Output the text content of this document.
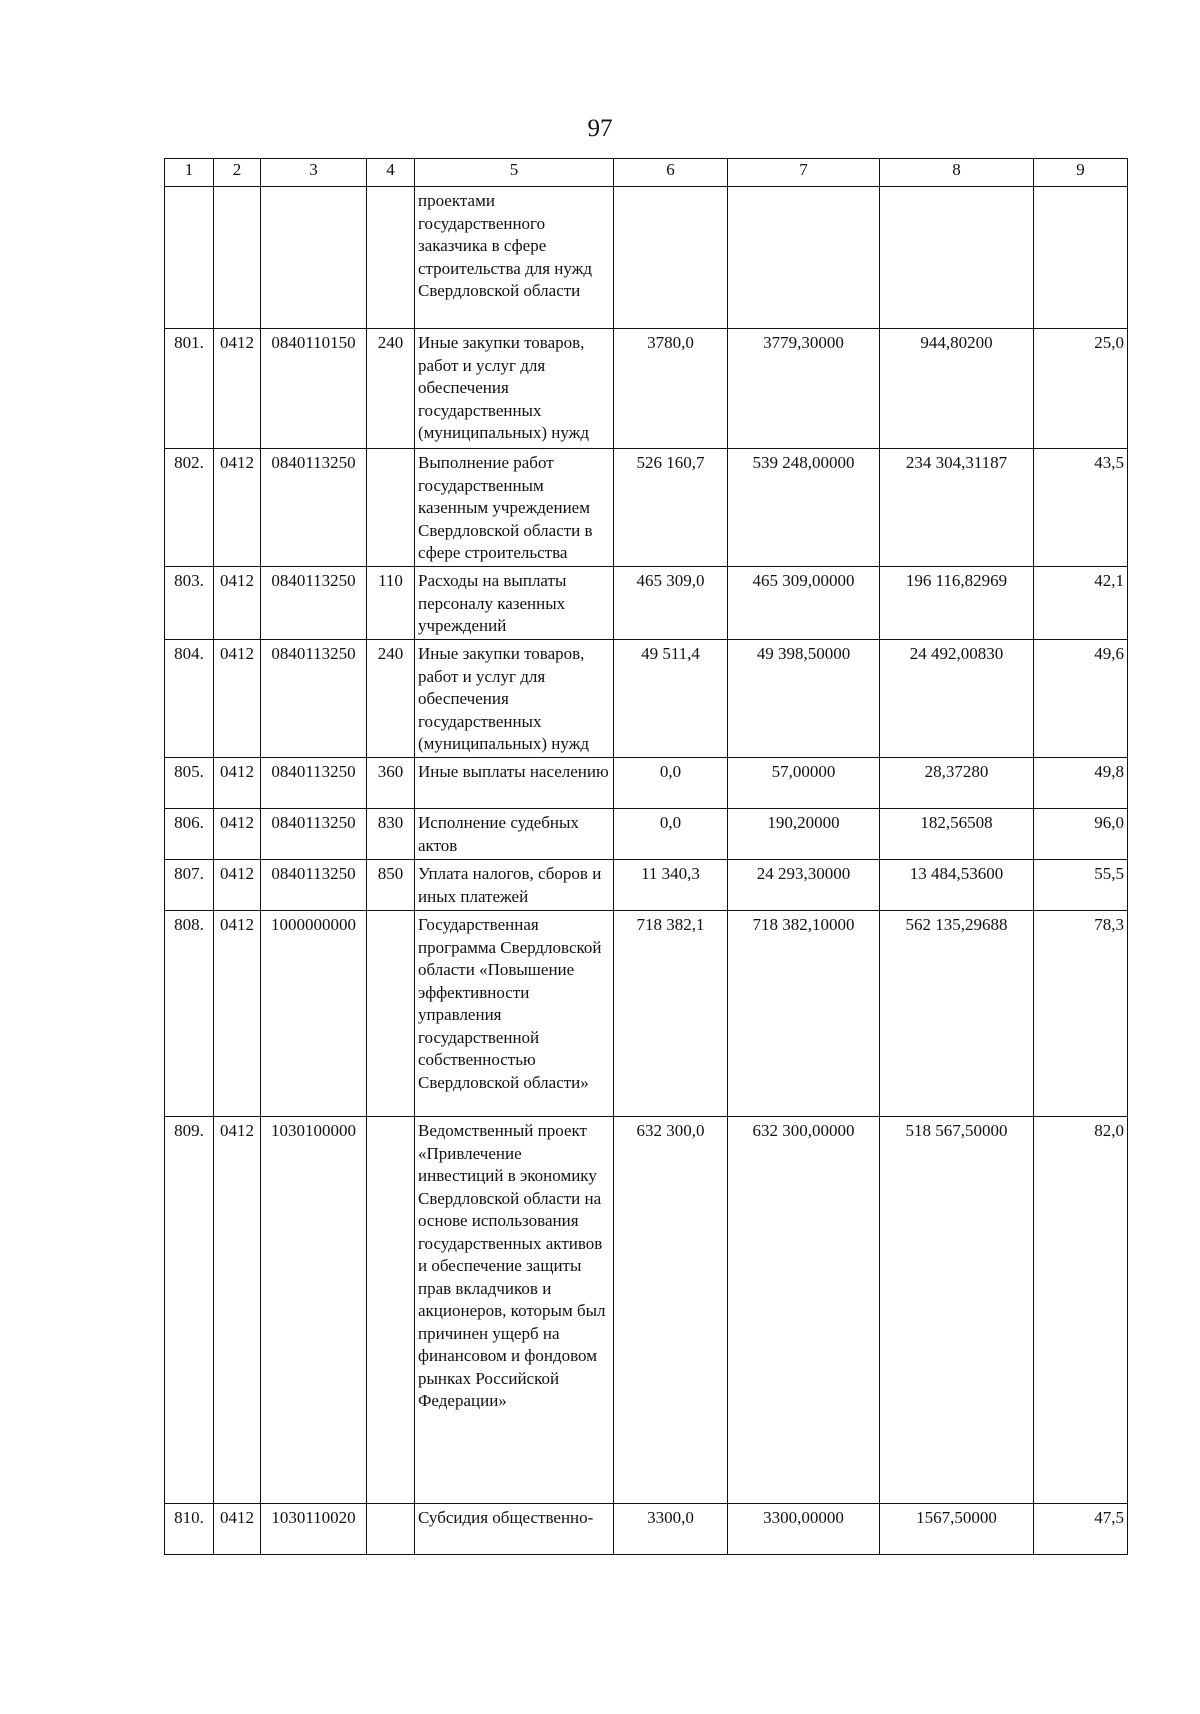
97
1	2	3	4	5	6	7	8	9
				проектами государственного заказчика в сфере строительства для нужд Свердловской области				
801.	0412	0840110150	240	Иные закупки товаров, работ и услуг для обеспечения государственных (муниципальных) нужд	3780,0	3779,30000	944,80200	25,0
802.	0412	0840113250		Выполнение работ государственным казенным учреждением Свердловской области в сфере строительства	526 160,7	539 248,00000	234 304,31187	43,5
803.	0412	0840113250	110	Расходы на выплаты персоналу казенных учреждений	465 309,0	465 309,00000	196 116,82969	42,1
804.	0412	0840113250	240	Иные закупки товаров, работ и услуг для обеспечения государственных (муниципальных) нужд	49 511,4	49 398,50000	24 492,00830	49,6
805.	0412	0840113250	360	Иные выплаты населению	0,0	57,00000	28,37280	49,8
806.	0412	0840113250	830	Исполнение судебных актов	0,0	190,20000	182,56508	96,0
807.	0412	0840113250	850	Уплата налогов, сборов и иных платежей	11 340,3	24 293,30000	13 484,53600	55,5
808.	0412	1000000000		Государственная программа Свердловской области «Повышение эффективности управления государственной собственностью Свердловской области»	718 382,1	718 382,10000	562 135,29688	78,3
809.	0412	1030100000		Ведомственный проект «Привлечение инвестиций в экономику Свердловской области на основе использования государственных активов и обеспечение защиты прав вкладчиков и акционеров, которым был причинен ущерб на финансовом и фондовом рынках Российской Федерации»	632 300,0	632 300,00000	518 567,50000	82,0
810.	0412	1030110020		Субсидия общественно-	3300,0	3300,00000	1567,50000	47,5
